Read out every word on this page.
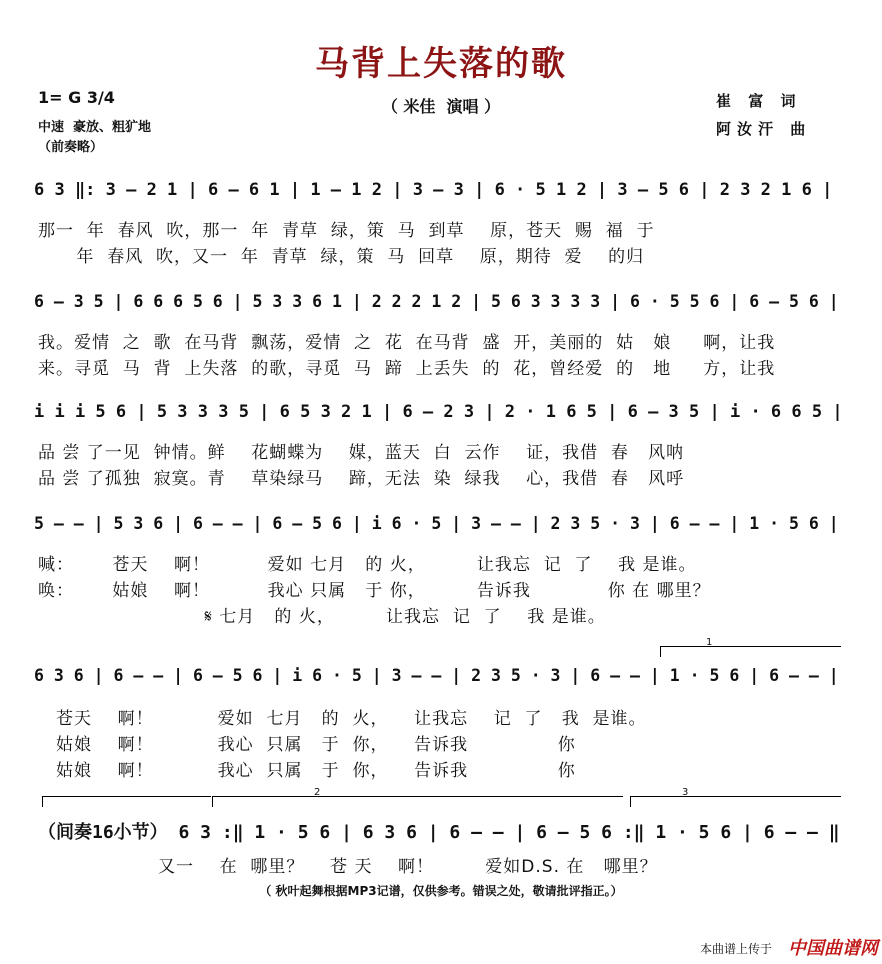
马背上失落的歌
（ 米佳  演唱 ）
1= G 3/4
中速  豪放、粗犷地
（前奏略）
崔 富 词
阿汝汗 曲
6 3 ‖: 3 – 2 1 | 6 – 6 1 | 1 – 1 2 | 3 – 3 | 6 · 5 1 2 | 3 – 5 6 | 2 3 2 1 6 |
那一  年  春风  吹，那一  年  青草  绿，策  马  到草    原，苍天  赐  福  于
年  春风  吹，又一  年  青草  绿，策  马  回草    原，期待  爱    的归
6 – 3 5 | 6 6 6 5 6 | 5 3 3 6 1 | 2 2 2 1 2 | 5 6 3 3 3 3 | 6 · 5 5 6 | 6 – 5 6 |
我。爱情  之  歌  在马背  飘荡，爱情  之  花  在马背  盛  开，美丽的  姑   娘     啊，让我
来。寻觅  马  背  上失落  的歌，寻觅  马  蹄  上丢失  的  花，曾经爱  的   地     方，让我
i i i 5 6 | 5 3 3 3 5 | 6 5 3 2 1 | 6 – 2 3 | 2 · 1 6 5 | 6 – 3 5 | i · 6 6 5 |
品 尝 了一见  钟情。鲜    花蝴蝶为    媒，蓝天  白  云作    证，我借  春   风呐
品 尝 了孤独  寂寞。青    草染绿马    蹄，无法  染  绿我    心，我借  春   风呼
5 – – | 5 3 6 | 6 – – | 6 – 5 6 | i 6 · 5 | 3 – – | 2 3 5 · 3 | 6 – – | 1 · 5 6 |
喊：      苍天    啊！         爱如 七月   的 火，        让我忘  记  了    我 是谁。
唤：      姑娘    啊！         我心 只属   于 你，        告诉我            你 在 哪里？
𝄋 七月   的 火，        让我忘  记  了    我 是谁。
1
6 3 6 | 6 – – | 6 – 5 6 | i 6 · 5 | 3 – – | 2 3 5 · 3 | 6 – – | 1 · 5 6 | 6 – – |
苍天    啊！          爱如  七月   的  火，    让我忘    记  了   我  是谁。
姑娘    啊！          我心  只属   于  你，    告诉我              你
姑娘    啊！          我心  只属   于  你，    告诉我              你
2	3
（间奏16小节） 6 3 :‖ 1 · 5 6 | 6 3 6 | 6 – – | 6 – 5 6 :‖ 1 · 5 6 | 6 – – ‖
又一    在  哪里？    苍 天    啊！        爱如D.S. 在   哪里？
（ 秋叶起舞根据MP3记谱，仅供参考。错误之处，敬请批评指正。）
本曲谱上传于 中国曲谱网
